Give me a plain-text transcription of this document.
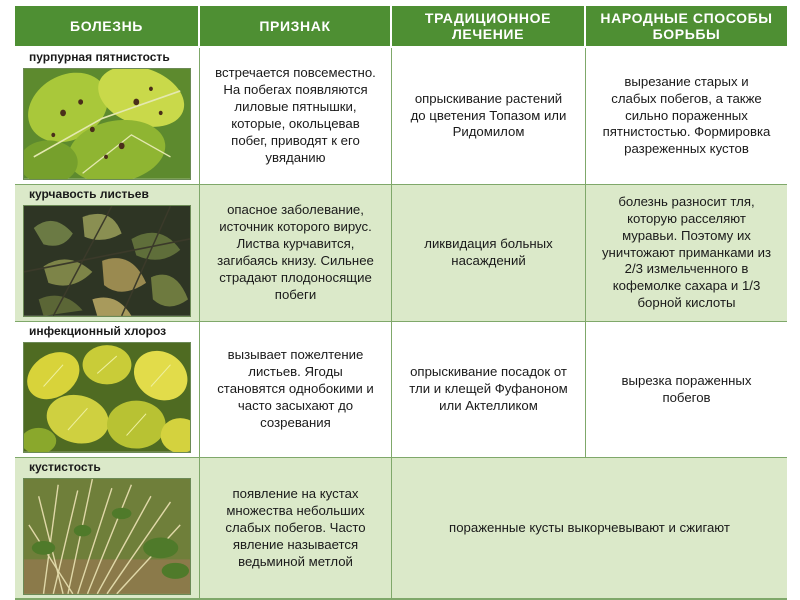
БОЛЕЗНЬ	ПРИЗНАК
ТРАДИЦИОННОЕ ЛЕЧЕНИЕ
НАРОДНЫЕ СПОСОБЫ БОРЬБЫ
пурпурная пятнистость
встречается повсеместно. На побегах появляются лиловые пятнышки, которые, окольцевав побег, приводят к его увяданию
опрыскивание растений до цветения Топазом или Ридомилом
вырезание старых и слабых побегов, а также сильно пораженных пятнистостью. Формировка разреженных кустов
курчавость листьев
опасное заболевание, источник которого вирус. Листва курчавится, загибаясь книзу. Сильнее страдают плодоносящие побеги
ликвидация больных насаждений
болезнь разносит тля, которую расселяют муравьи. Поэтому их уничтожают приманками из 2/3 измельченного в кофемолке сахара и 1/3 борной кислоты
инфекционный хлороз
вызывает пожелтение листьев. Ягоды становятся однобокими и часто засыхают до созревания
опрыскивание посадок от тли и клещей Фуфаноном или Актелликом
вырезка пораженных побегов
кустистость
появление на кустах множества небольших слабых побегов. Часто явление называется ведьминой метлой
пораженные кусты выкорчевывают и сжигают
